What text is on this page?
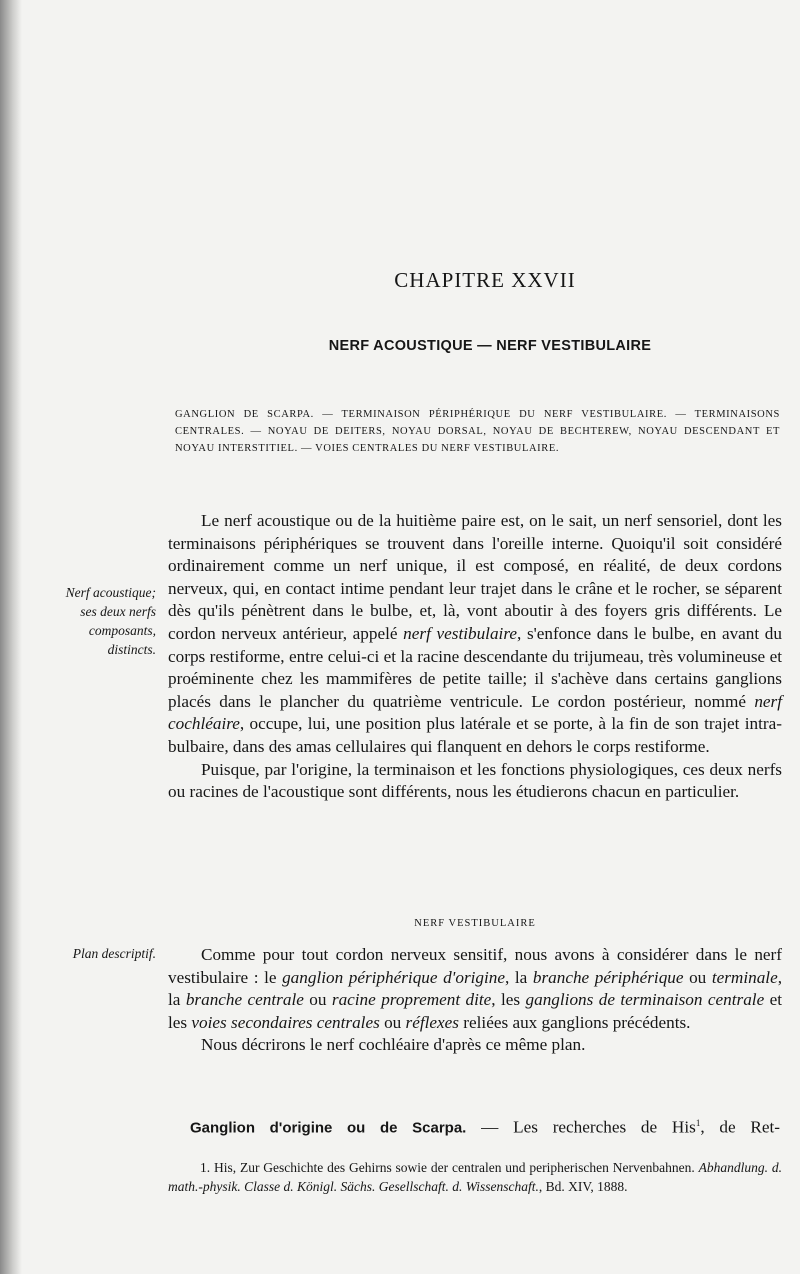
CHAPITRE XXVII
NERF ACOUSTIQUE — NERF VESTIBULAIRE
GANGLION DE SCARPA. — TERMINAISON PÉRIPHÉRIQUE DU NERF VESTIBULAIRE. — TERMINAISONS CENTRALES. — NOYAU DE DEITERS, NOYAU DORSAL, NOYAU DE BECHTEREW, NOYAU DESCENDANT ET NOYAU INTERSTITIEL. — VOIES CENTRALES DU NERF VESTIBULAIRE.
Nerf acoustique; ses deux nerfs composants, distincts.

Le nerf acoustique ou de la huitième paire est, on le sait, un nerf sensoriel, dont les terminaisons périphériques se trouvent dans l'oreille interne. Quoiqu'il soit considéré ordinairement comme un nerf unique, il est composé, en réalité, de deux cordons nerveux, qui, en contact intime pendant leur trajet dans le crâne et le rocher, se séparent dès qu'ils pénètrent dans le bulbe, et, là, vont aboutir à des foyers gris différents. Le cordon nerveux antérieur, appelé nerf vestibulaire, s'enfonce dans le bulbe, en avant du corps restiforme, entre celui-ci et la racine descendante du trijumeau, très volumineuse et proéminente chez les mammifères de petite taille; il s'achève dans certains ganglions placés dans le plancher du quatrième ventricule. Le cordon postérieur, nommé nerf cochléaire, occupe, lui, une position plus latérale et se porte, à la fin de son trajet intra-bulbaire, dans des amas cellulaires qui flanquent en dehors le corps restiforme.

Puisque, par l'origine, la terminaison et les fonctions physiologiques, ces deux nerfs ou racines de l'acoustique sont différents, nous les étudierons chacun en particulier.

NERF VESTIBULAIRE
Plan descriptif.	Comme pour tout cordon nerveux sensitif, nous avons à considérer dans le nerf vestibulaire : le ganglion périphérique d'origine, la branche périphérique ou terminale, la branche centrale ou racine proprement dite, les ganglions de terminaison centrale et les voies secondaires centrales ou réflexes reliées aux ganglions précédents.

Nous décrirons le nerf cochléaire d'après ce même plan.

Ganglion d'origine ou de Scarpa. — Les recherches de His$^1$, de Ret-

1. His, Zur Geschichte des Gehirns sowie der centralen und peripherischen Nervenbahnen. Abhandlung. d. math.-physik. Classe d. Königl. Sächs. Gesellschaft. d. Wissenschaft., Bd. XIV, 1888.
